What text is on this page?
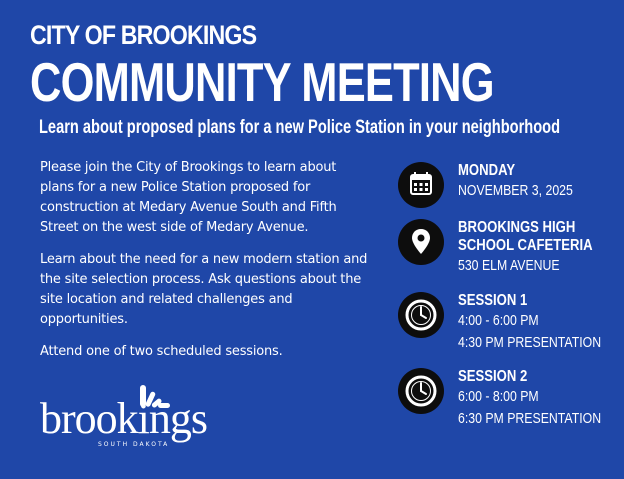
CITY OF BROOKINGS
COMMUNITY MEETING
Learn about proposed plans for a new Police Station in your neighborhood

Please join the City of Brookings to learn about plans for a new Police Station proposed for construction at Medary Avenue South and Fifth Street on the west side of Medary Avenue.

Learn about the need for a new modern station and the site selection process. Ask questions about the site location and related challenges and opportunities.

Attend one of two scheduled sessions.

brookings
SOUTH DAKOTA
MONDAY
NOVEMBER 3, 2025
BROOKINGS HIGH
SCHOOL CAFETERIA
530 ELM AVENUE
SESSION 1
4:00 - 6:00 PM
4:30 PM PRESENTATION
SESSION 2
6:00 - 8:00 PM
6:30 PM PRESENTATION
